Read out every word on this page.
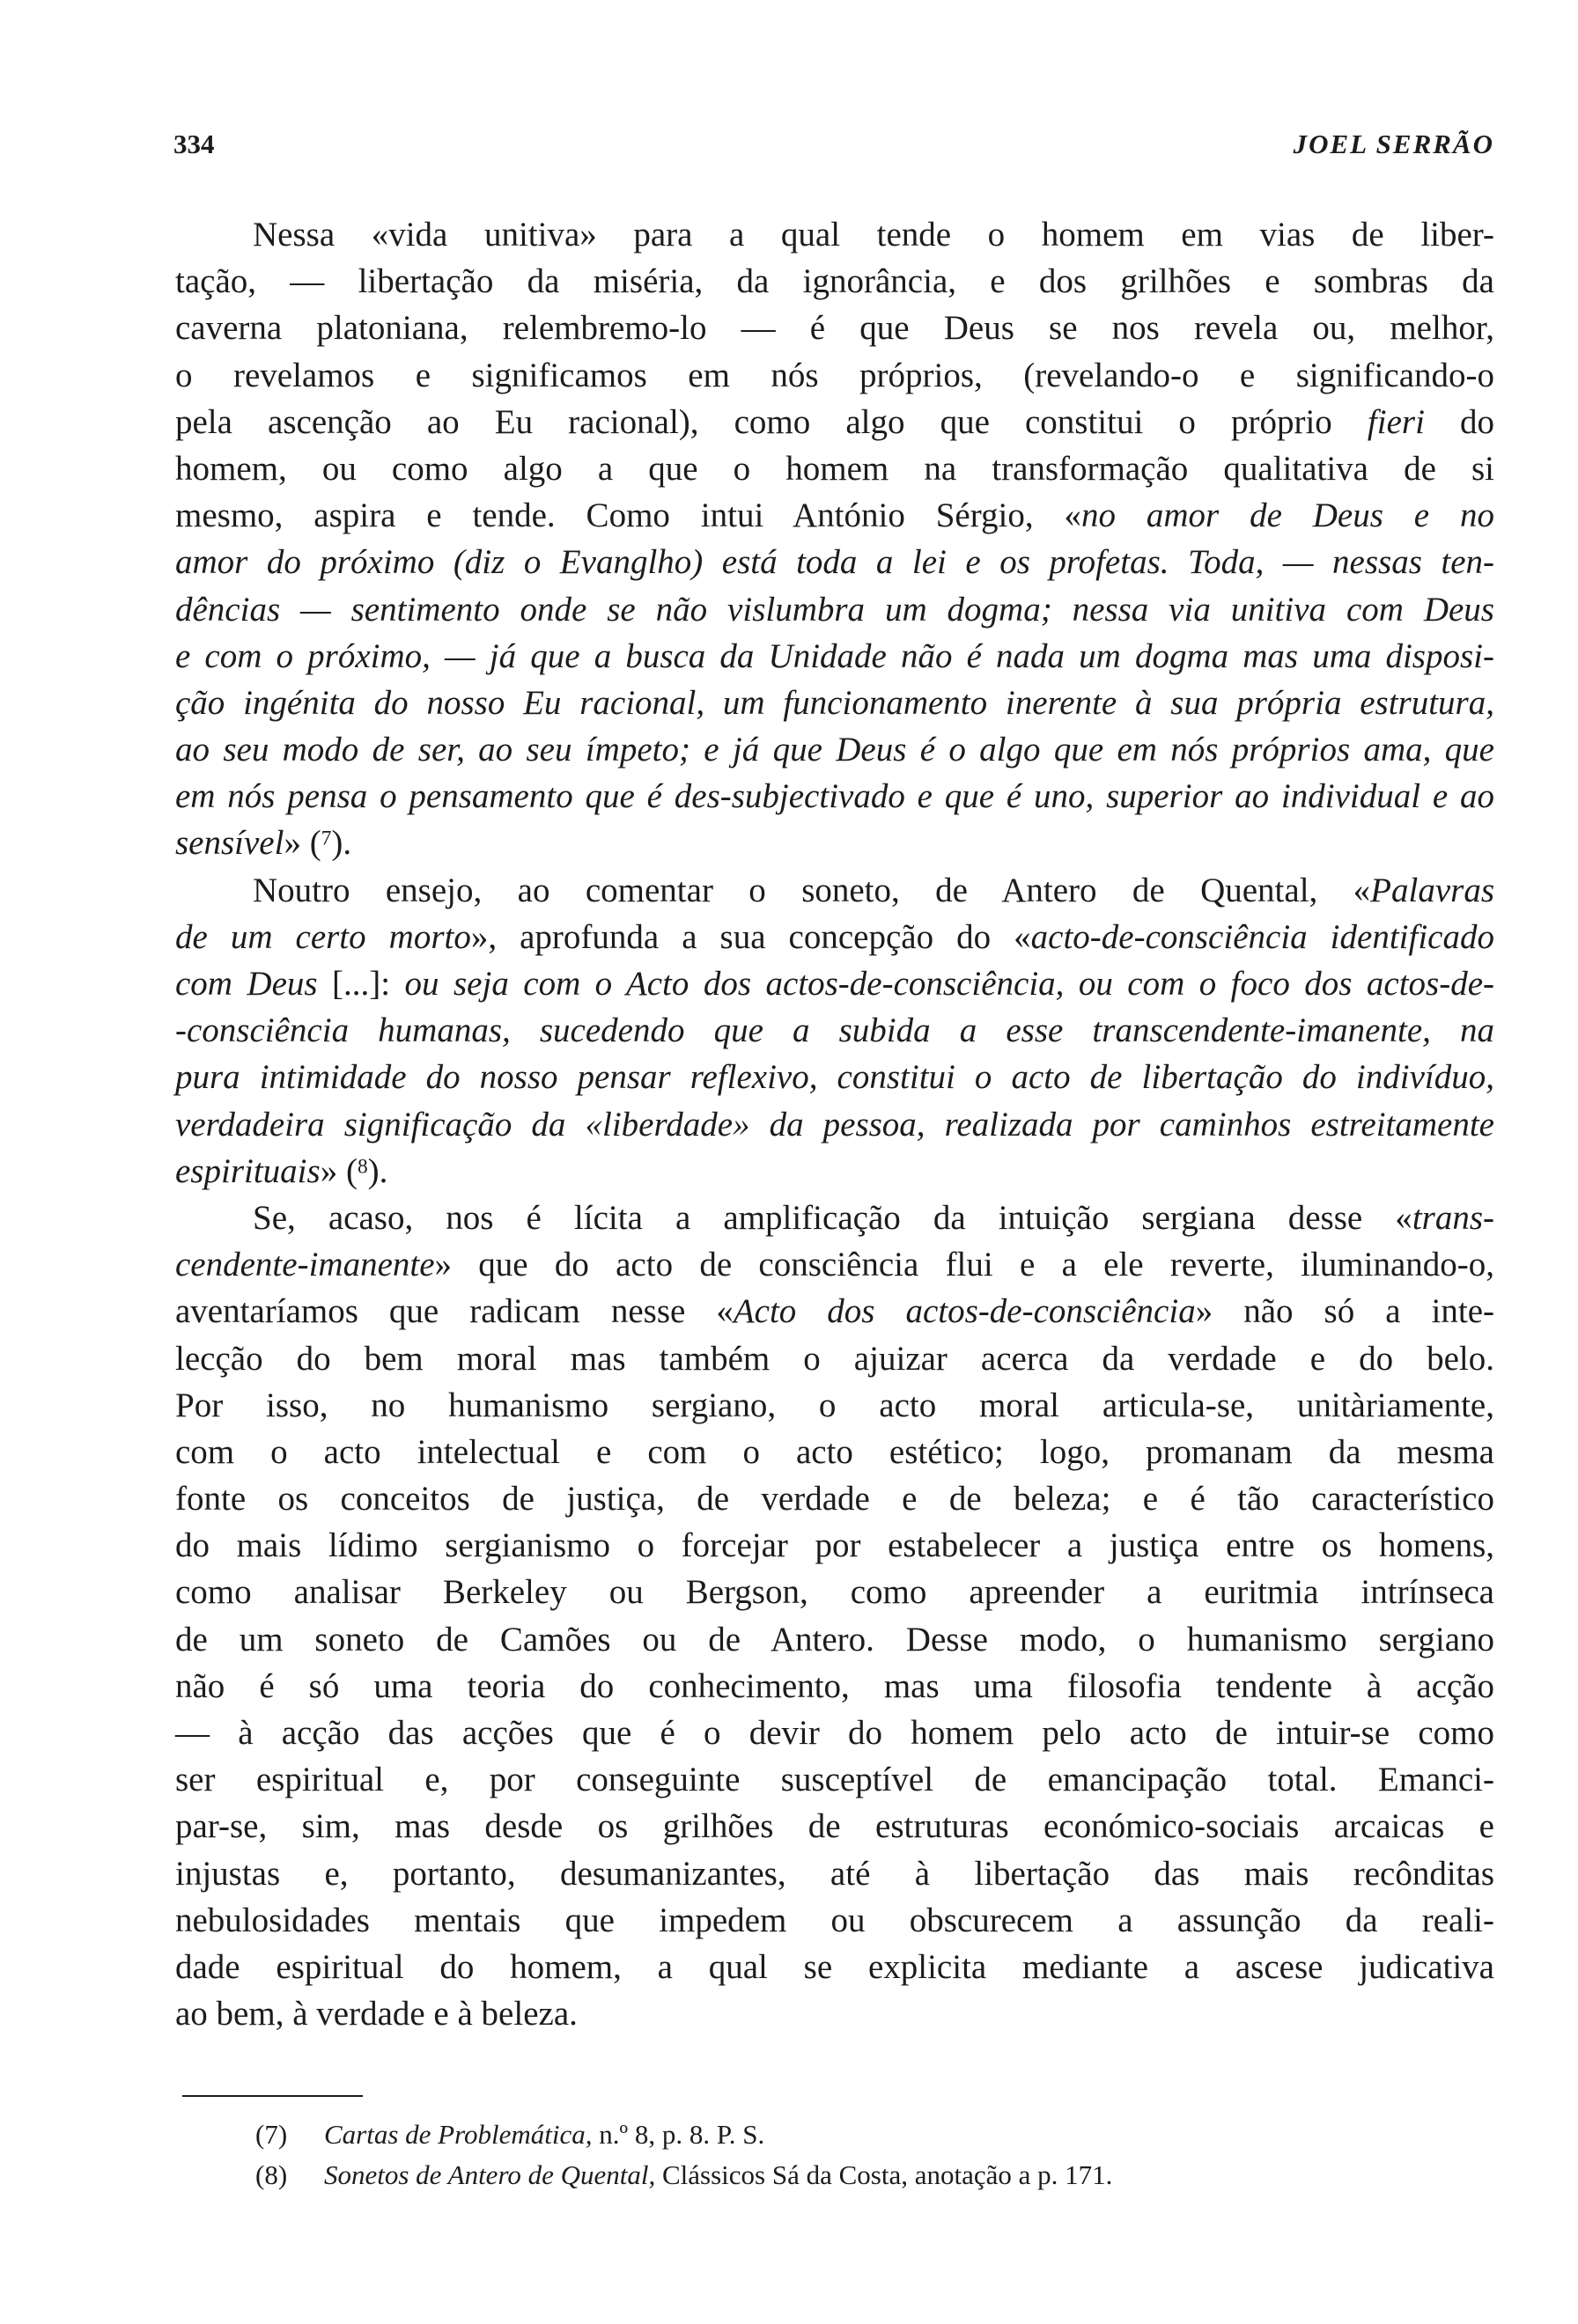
334	JOEL SERRÃO
Nessa «vida unitiva» para a qual tende o homem em vias de liber-
tação, — libertação da miséria, da ignorância, e dos grilhões e sombras da
caverna platoniana, relembremo-lo — é que Deus se nos revela ou, melhor,
o revelamos e significamos em nós próprios, (revelando-o e significando-o
pela ascenção ao Eu racional), como algo que constitui o próprio fieri do
homem, ou como algo a que o homem na transformação qualitativa de si
mesmo, aspira e tende. Como intui António Sérgio, «no amor de Deus e no
amor do próximo (diz o Evanglho) está toda a lei e os profetas. Toda, — nessas ten-
dências — sentimento onde se não vislumbra um dogma; nessa via unitiva com Deus
e com o próximo, — já que a busca da Unidade não é nada um dogma mas uma disposi-
ção ingénita do nosso Eu racional, um funcionamento inerente à sua própria estrutura,
ao seu modo de ser, ao seu ímpeto; e já que Deus é o algo que em nós próprios ama, que
em nós pensa o pensamento que é des-subjectivado e que é uno, superior ao individual e ao
sensível» ($^7$).
Noutro ensejo, ao comentar o soneto, de Antero de Quental, «Palavras
de um certo morto», aprofunda a sua concepção do «acto-de-consciência identificado
com Deus [...]: ou seja com o Acto dos actos-de-consciência, ou com o foco dos actos-de-
-consciência humanas, sucedendo que a subida a esse transcendente-imanente, na
pura intimidade do nosso pensar reflexivo, constitui o acto de libertação do indivíduo,
verdadeira significação da «liberdade» da pessoa, realizada por caminhos estreitamente
espirituais» ($^8$).
Se, acaso, nos é lícita a amplificação da intuição sergiana desse «trans-
cendente-imanente» que do acto de consciência flui e a ele reverte, iluminando-o,
aventaríamos que radicam nesse «Acto dos actos-de-consciência» não só a inte-
lecção do bem moral mas também o ajuizar acerca da verdade e do belo.
Por isso, no humanismo sergiano, o acto moral articula-se, unitàriamente,
com o acto intelectual e com o acto estético; logo, promanam da mesma
fonte os conceitos de justiça, de verdade e de beleza; e é tão característico
do mais lídimo sergianismo o forcejar por estabelecer a justiça entre os homens,
como analisar Berkeley ou Bergson, como apreender a euritmia intrínseca
de um soneto de Camões ou de Antero. Desse modo, o humanismo sergiano
não é só uma teoria do conhecimento, mas uma filosofia tendente à acção
— à acção das acções que é o devir do homem pelo acto de intuir-se como
ser espiritual e, por conseguinte susceptível de emancipação total. Emanci-
par-se, sim, mas desde os grilhões de estruturas económico-sociais arcaicas e
injustas e, portanto, desumanizantes, até à libertação das mais recônditas
nebulosidades mentais que impedem ou obscurecem a assunção da reali-
dade espiritual do homem, a qual se explicita mediante a ascese judicativa
ao bem, à verdade e à beleza.
(7) Cartas de Problemática, n.º 8, p. 8. P. S.
(8) Sonetos de Antero de Quental, Clássicos Sá da Costa, anotação a p. 171.
